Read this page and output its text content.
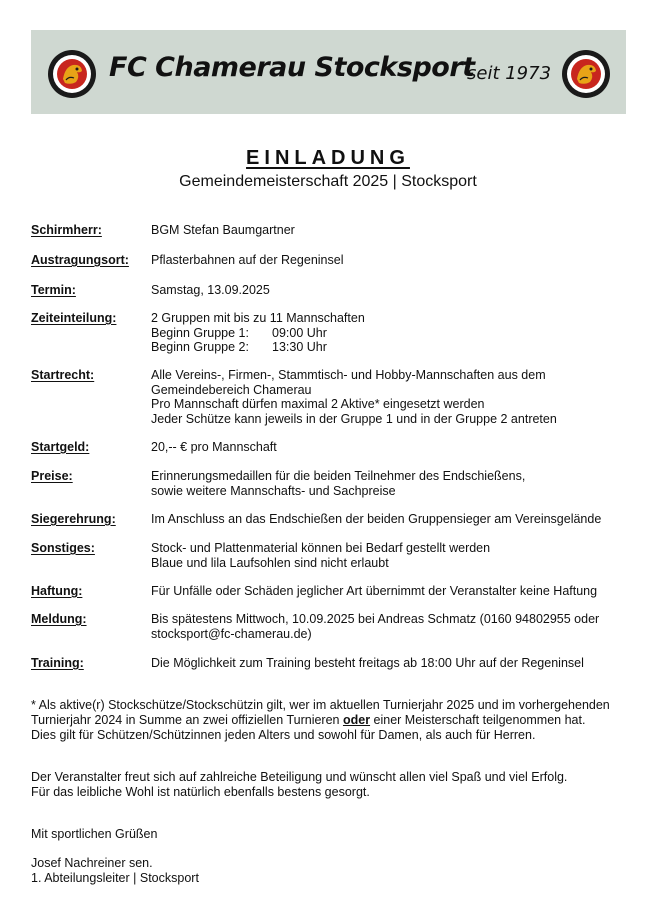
FC Chamerau Stocksport
seit 1973
EINLADUNG
Gemeindemeisterschaft 2025 | Stocksport
Schirmherr:	BGM Stefan Baumgartner
Austragungsort: Pflasterbahnen auf der Regeninsel
Termin:	Samstag, 13.09.2025
Zeiteinteilung:	2 Gruppen mit bis zu 11 Mannschaften
Beginn Gruppe 1: 09:00 Uhr
Beginn Gruppe 2: 13:30 Uhr
Startrecht:	Alle Vereins-, Firmen-, Stammtisch- und Hobby-Mannschaften aus dem
Gemeindebereich Chamerau
Pro Mannschaft dürfen maximal 2 Aktive* eingesetzt werden
Jeder Schütze kann jeweils in der Gruppe 1 und in der Gruppe 2 antreten
Startgeld:	20,-- € pro Mannschaft
Preise:	Erinnerungsmedaillen für die beiden Teilnehmer des Endschießens,
sowie weitere Mannschafts- und Sachpreise
Siegerehrung:	Im Anschluss an das Endschießen der beiden Gruppensieger am Vereinsgelände
Sonstiges:	Stock- und Plattenmaterial können bei Bedarf gestellt werden
Blaue und lila Laufsohlen sind nicht erlaubt
Haftung:	Für Unfälle oder Schäden jeglicher Art übernimmt der Veranstalter keine Haftung
Meldung:	Bis spätestens Mittwoch, 10.09.2025 bei Andreas Schmatz (0160 94802955 oder
stocksport@fc-chamerau.de)
Training:	Die Möglichkeit zum Training besteht freitags ab 18:00 Uhr auf der Regeninsel
* Als aktive(r) Stockschütze/Stockschützin gilt, wer im aktuellen Turnierjahr 2025 und im vorhergehenden
Turnierjahr 2024 in Summe an zwei offiziellen Turnieren oder einer Meisterschaft teilgenommen hat.
Dies gilt für Schützen/Schützinnen jeden Alters und sowohl für Damen, als auch für Herren.
Der Veranstalter freut sich auf zahlreiche Beteiligung und wünscht allen viel Spaß und viel Erfolg.
Für das leibliche Wohl ist natürlich ebenfalls bestens gesorgt.
Mit sportlichen Grüßen
Josef Nachreiner sen.
1. Abteilungsleiter | Stocksport
